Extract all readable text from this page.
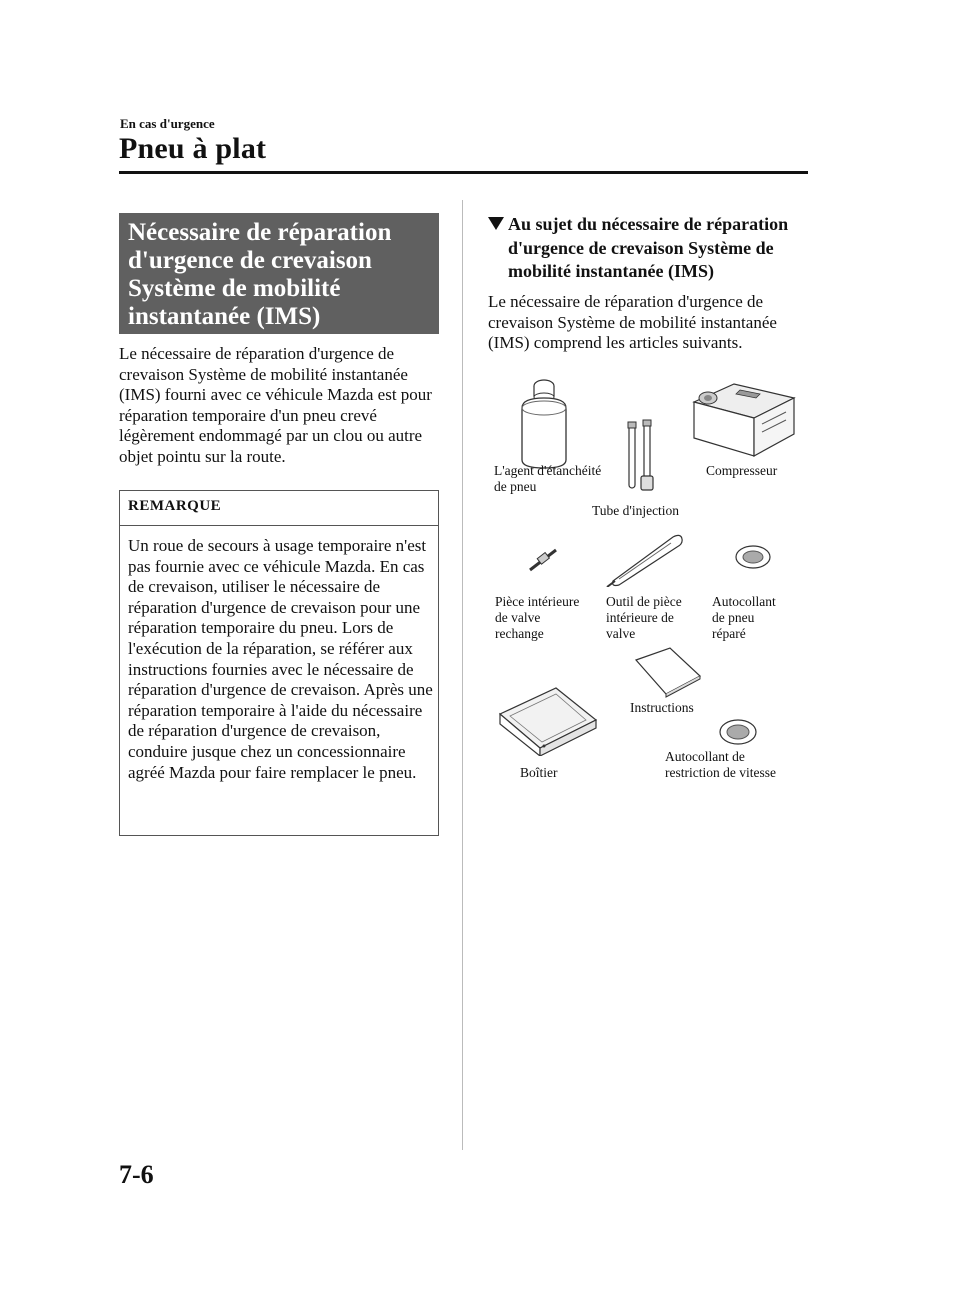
En cas d'urgence
Pneu à plat
Nécessaire de réparation
d'urgence de crevaison
Système de mobilité
instantanée (IMS)
Le nécessaire de réparation d'urgence de crevaison Système de mobilité instantanée (IMS) fourni avec ce véhicule Mazda est pour réparation temporaire d'un pneu crevé légèrement endommagé par un clou ou autre objet pointu sur la route.
REMARQUE
Un roue de secours à usage temporaire n'est pas fournie avec ce véhicule Mazda. En cas de crevaison, utiliser le nécessaire de réparation d'urgence de crevaison pour une réparation temporaire du pneu. Lors de l'exécution de la réparation, se référer aux instructions fournies avec le nécessaire de réparation d'urgence de crevaison. Après une réparation temporaire à l'aide du nécessaire de réparation d'urgence de crevaison, conduire jusque chez un concessionnaire agréé Mazda pour faire remplacer le pneu.
Au sujet du nécessaire de réparation d'urgence de crevaison Système de mobilité instantanée (IMS)
Le nécessaire de réparation d'urgence de crevaison Système de mobilité instantanée (IMS) comprend les articles suivants.
L'agent d'étanchéité
de pneu
Tube d'injection
Compresseur
Pièce intérieure
de valve
rechange
Outil de pièce
intérieure de
valve
Autocollant
de pneu
réparé
Instructions
Boîtier
Autocollant de
restriction de vitesse
7-6
